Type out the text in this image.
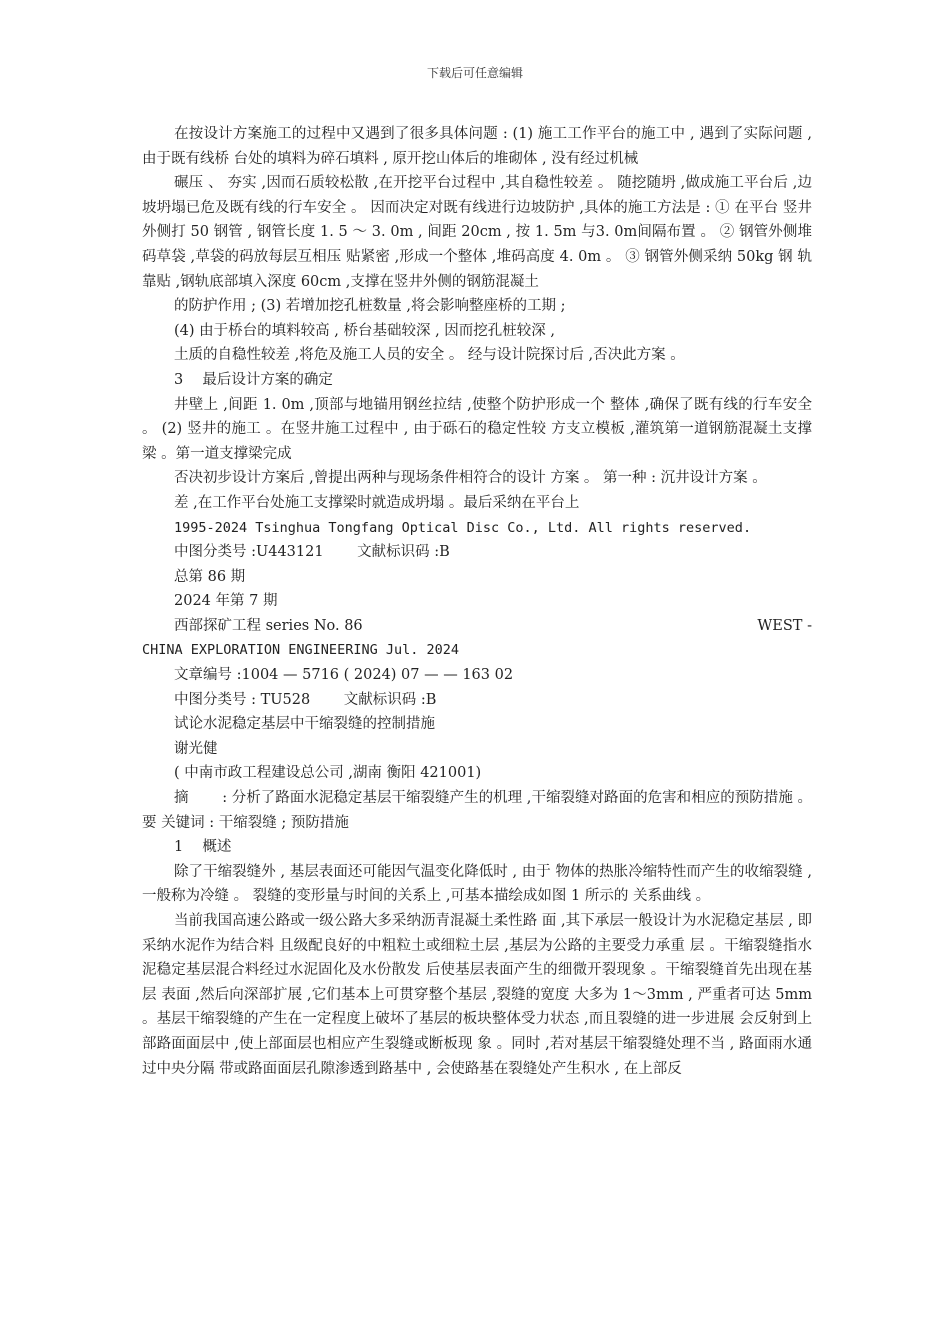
下载后可任意编辑

在按设计方案施工的过程中又遇到了很多具体问题 : (1) 施工工作平台的施工中 , 遇到了实际问题 , 由于既有线桥 台处的填料为碎石填料 , 原开挖山体后的堆砌体 , 没有经过机械

碾压 、 夯实 ,因而石质较松散 ,在开挖平台过程中 ,其自稳性较差 。 随挖随坍 ,做成施工平台后 ,边坡坍塌已危及既有线的行车安全 。 因而决定对既有线进行边坡防护 ,具体的施工方法是 : ① 在平台 竖井外侧打 50 钢管 , 钢管长度 1. 5 ～ 3. 0m , 间距 20cm , 按 1. 5m 与3. 0m间隔布置 。 ② 钢管外侧堆码草袋 ,草袋的码放每层互相压 贴紧密 ,形成一个整体 ,堆码高度 4. 0m 。 ③ 钢管外侧采纳 50kg 钢 轨靠贴 ,钢轨底部填入深度 60cm ,支撑在竖井外侧的钢筋混凝土

的防护作用 ; (3) 若增加挖孔桩数量 ,将会影响整座桥的工期 ;

(4) 由于桥台的填料较高 , 桥台基础较深 , 因而挖孔桩较深 ,

土质的自稳性较差 ,将危及施工人员的安全 。 经与设计院探讨后 ,否决此方案 。

3　 最后设计方案的确定

井壁上 ,间距 1. 0m ,顶部与地锚用钢丝拉结 ,使整个防护形成一个 整体 ,确保了既有线的行车安全 。 (2) 竖井的施工 。在竖井施工过程中 , 由于砾石的稳定性较 方支立模板 ,灌筑第一道钢筋混凝土支撑梁 。第一道支撑梁完成

否决初步设计方案后 ,曾提出两种与现场条件相符合的设计 方案 。 第一种 : 沉井设计方案 。

差 ,在工作平台处施工支撑梁时就造成坍塌 。最后采纳在平台上

1995-2024 Tsinghua Tongfang Optical Disc Co., Ltd. All rights reserved.

中图分类号 :U443121　　 文献标识码 :B

总第 86 期

2024 年第 7 期

西部探矿工程 series No. 86	WEST -

CHINA EXPLORATION ENGINEERING Jul. 2024

文章编号 :1004 — 5716 ( 2024) 07 — — 163 02

中图分类号 : TU528　　 文献标识码 :B

试论水泥稳定基层中干缩裂缝的控制措施

谢光健

( 中南市政工程建设总公司 ,湖南 衡阳 421001)

摘　　 : 分析了路面水泥稳定基层干缩裂缝产生的机理 ,干缩裂缝对路面的危害和相应的预防措施 。 要 关键词 : 干缩裂缝 ; 预防措施

1　 概述

除了干缩裂缝外 , 基层表面还可能因气温变化降低时 , 由于 物体的热胀冷缩特性而产生的收缩裂缝 ,一般称为冷缝 。 裂缝的变形量与时间的关系上 ,可基本描绘成如图 1 所示的 关系曲线 。

当前我国高速公路或一级公路大多采纳沥青混凝土柔性路 面 ,其下承层一般设计为水泥稳定基层 , 即采纳水泥作为结合料 且级配良好的中粗粒土或细粒土层 ,基层为公路的主要受力承重 层 。干缩裂缝指水泥稳定基层混合料经过水泥固化及水份散发 后使基层表面产生的细微开裂现象 。干缩裂缝首先出现在基层 表面 ,然后向深部扩展 ,它们基本上可贯穿整个基层 ,裂缝的宽度 大多为 1～3mm , 严重者可达 5mm 。基层干缩裂缝的产生在一定程度上破坏了基层的板块整体受力状态 ,而且裂缝的进一步进展 会反射到上部路面面层中 ,使上部面层也相应产生裂缝或断板现 象 。同时 ,若对基层干缩裂缝处理不当 , 路面雨水通过中央分隔 带或路面面层孔隙渗透到路基中 , 会使路基在裂缝处产生积水 , 在上部反
